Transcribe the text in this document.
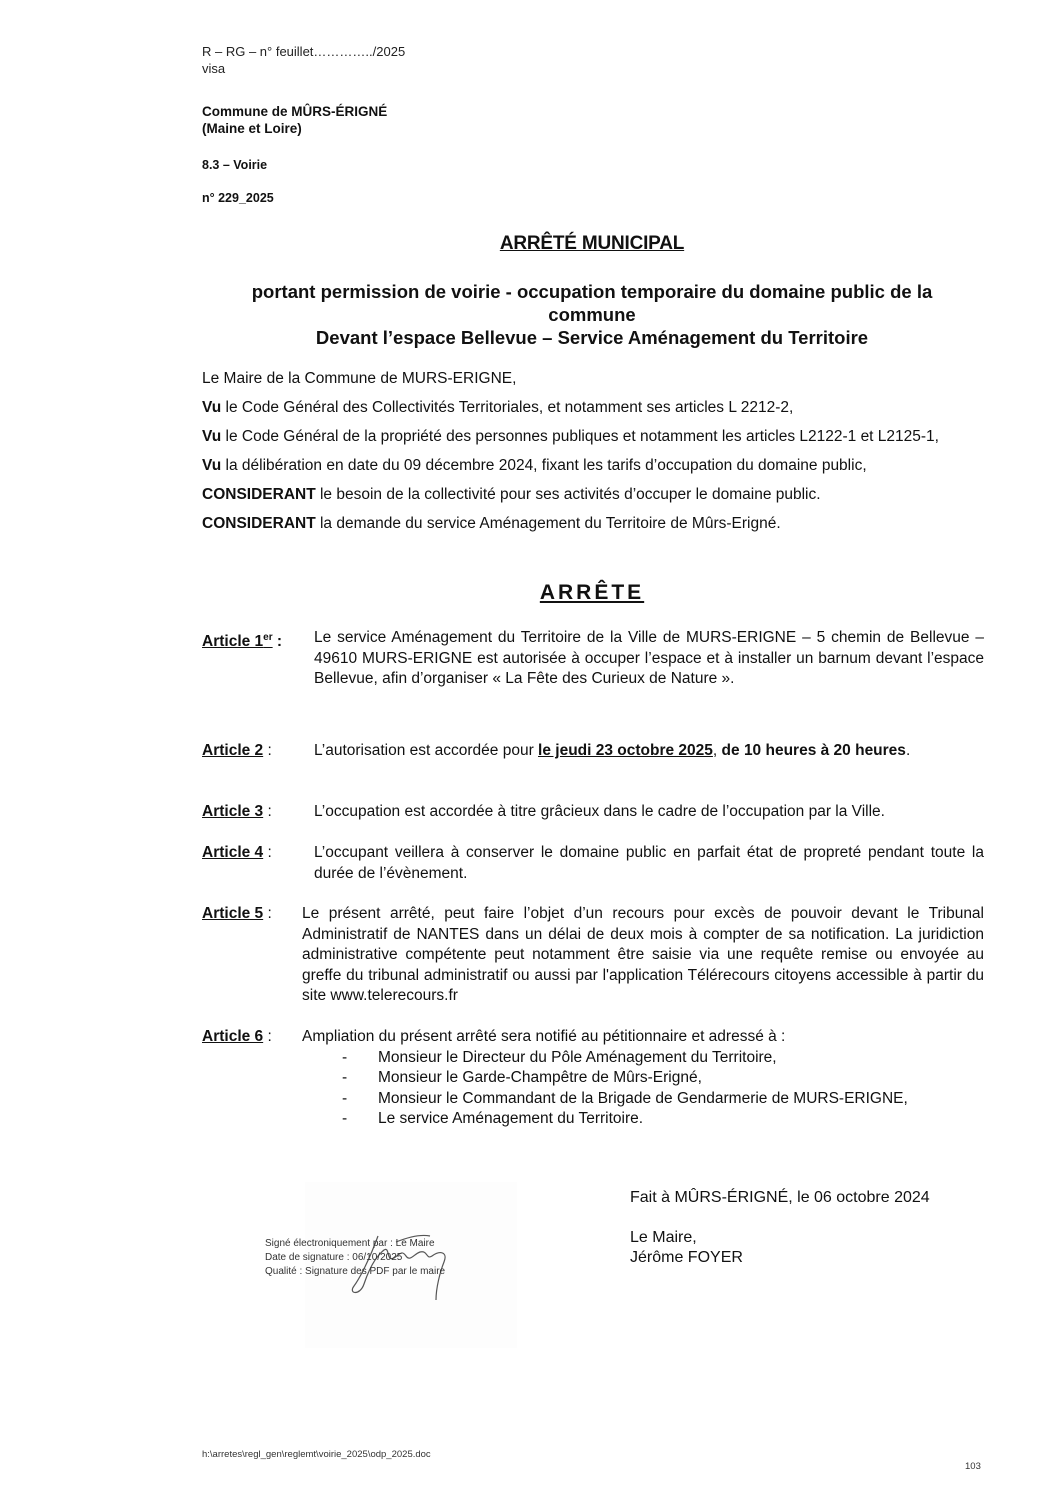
R – RG – n° feuillet…………../2025
visa
Commune de MÛRS-ÉRIGNÉ
(Maine et Loire)
8.3 – Voirie
n° 229_2025
ARRÊTÉ MUNICIPAL
portant permission de voirie - occupation temporaire du domaine public de la
commune
Devant l’espace Bellevue – Service Aménagement du Territoire

Le Maire de la Commune de MURS-ERIGNE,

Vu le Code Général des Collectivités Territoriales, et notamment ses articles L 2212-2,

Vu le Code Général de la propriété des personnes publiques et notamment les articles L2122-1 et L2125-1,

Vu la délibération en date du 09 décembre 2024, fixant les tarifs d’occupation du domaine public,

CONSIDERANT le besoin de la collectivité pour ses activités d’occuper le domaine public.

CONSIDERANT la demande du service Aménagement du Territoire de Mûrs-Erigné.

ARRÊTE
Article 1er :	Le service Aménagement du Territoire de la Ville de MURS-ERIGNE – 5 chemin de Bellevue – 49610 MURS-ERIGNE est autorisée à occuper l’espace et à installer un barnum devant l’espace Bellevue, afin d’organiser « La Fête des Curieux de Nature ».
Article 2 :	L’autorisation est accordée pour le jeudi 23 octobre 2025, de 10 heures à 20 heures.
Article 3 :	L’occupation est accordée à titre grâcieux dans le cadre de l’occupation par la Ville.
Article 4 :	L’occupant veillera à conserver le domaine public en parfait état de propreté pendant toute la durée de l’évènement.
Article 5 :	Le présent arrêté, peut faire l’objet d’un recours pour excès de pouvoir devant le Tribunal Administratif de NANTES dans un délai de deux mois à compter de sa notification. La juridiction administrative compétente peut notamment être saisie via une requête remise ou envoyée au greffe du tribunal administratif ou aussi par l'application Télérecours citoyens accessible à partir du site www.telerecours.fr
Article 6 :	Ampliation du présent arrêté sera notifié au pétitionnaire et adressé à :
-	Monsieur le Directeur du Pôle Aménagement du Territoire,
-	Monsieur le Garde-Champêtre de Mûrs-Erigné,
-	Monsieur le Commandant de la Brigade de Gendarmerie de MURS-ERIGNE,
-	Le service Aménagement du Territoire.
Signé électroniquement par : Le Maire
Date de signature : 06/10/2025
Qualité : Signature des PDF par le maire
Fait à MÛRS-ÉRIGNÉ, le 06 octobre 2024
Le Maire,
Jérôme FOYER
h:\arretes\regl_gen\reglemt\voirie_2025\odp_2025.doc
103
